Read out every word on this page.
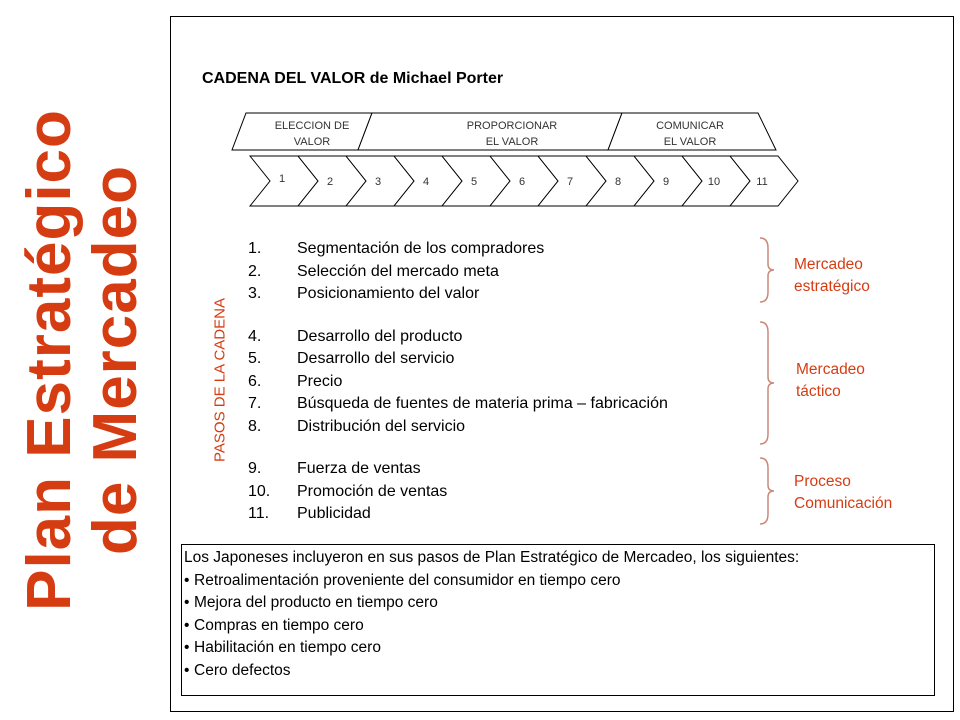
Plan Estratégico
de Mercadeo
CADENA DEL VALOR de Michael Porter
ELECCION DE
VALOR
PROPORCIONAR
EL VALOR
COMUNICAR
EL VALOR
1	2	3	4	5	6	7	8	9	10	11
PASOS DE LA CADENA
1.	Segmentación de los compradores
2.	Selección del mercado meta
3.	Posicionamiento del valor
4.	Desarrollo del producto
5.	Desarrollo del servicio
6.	Precio
7.	Búsqueda de fuentes de materia prima – fabricación
8.	Distribución del servicio
9.	Fuerza de ventas
10.	Promoción de ventas
11.	Publicidad
Mercadeo
estratégico
Mercadeo
táctico
Proceso
Comunicación
Los Japoneses incluyeron en sus pasos de Plan Estratégico de Mercadeo, los siguientes:
• Retroalimentación proveniente del consumidor en tiempo cero
• Mejora del producto en tiempo cero
• Compras en tiempo cero
• Habilitación en tiempo cero
• Cero defectos
